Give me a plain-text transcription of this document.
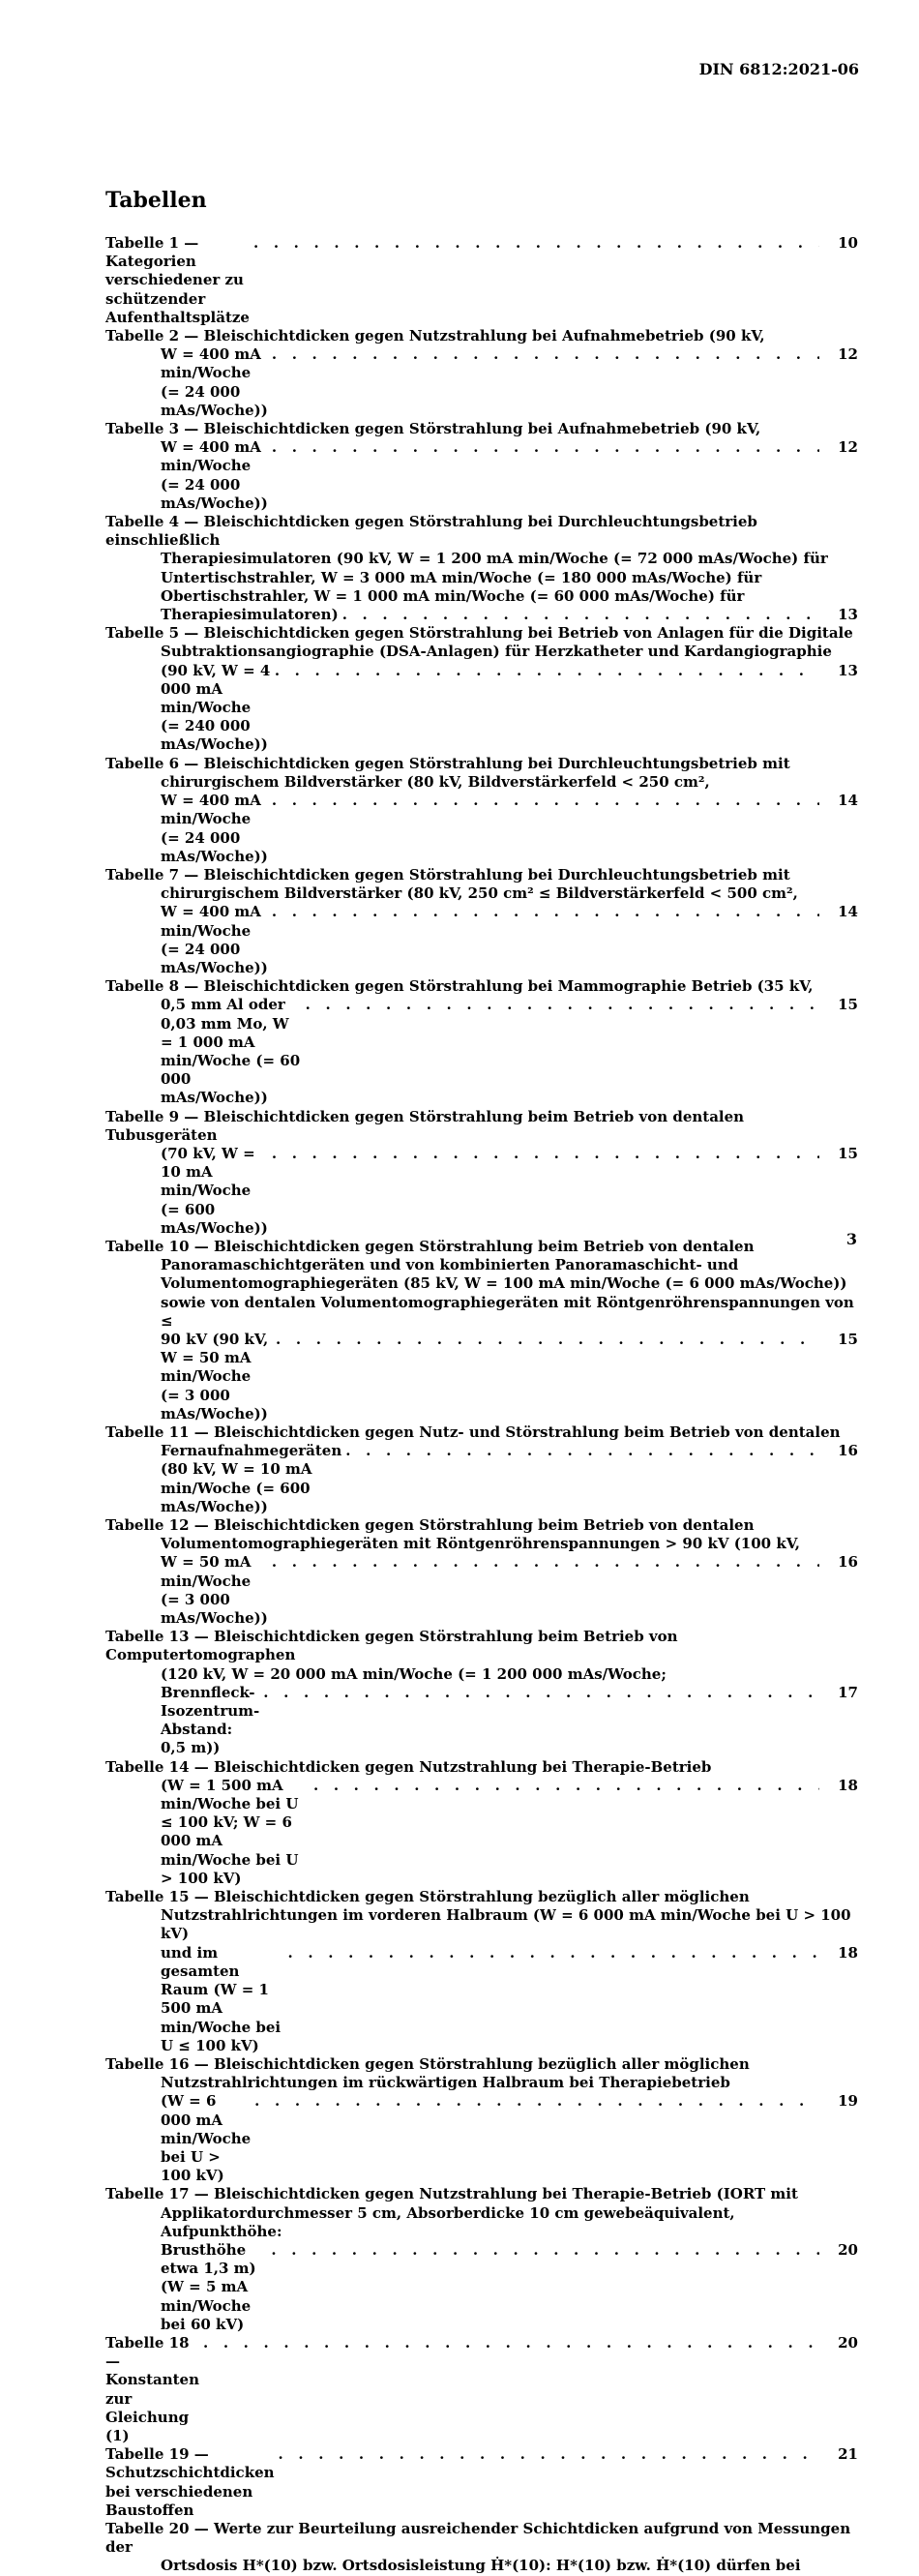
DIN 6812:2021-06
Tabellen
Tabelle 1 — Kategorien verschiedener zu schützender Aufenthaltsplätze
. . .
10
Tabelle 2 — Bleischichtdicken gegen Nutzstrahlung bei Aufnahmebetrieb (90 kV,
W = 400 mA min/Woche (= 24 000 mAs/Woche))
. . .
12
Tabelle 3 — Bleischichtdicken gegen Störstrahlung bei Aufnahmebetrieb (90 kV,
W = 400 mA min/Woche (= 24 000 mAs/Woche))
. . .
12
Tabelle 4 — Bleischichtdicken gegen Störstrahlung bei Durchleuchtungsbetrieb einschließlich
Therapiesimulatoren (90 kV, W = 1 200 mA min/Woche (= 72 000 mAs/Woche) für
Untertischstrahler, W = 3 000 mA min/Woche (= 180 000 mAs/Woche) für
Obertischstrahler, W = 1 000 mA min/Woche (= 60 000 mAs/Woche) für
Therapiesimulatoren)
. . .	13
Tabelle 5 — Bleischichtdicken gegen Störstrahlung bei Betrieb von Anlagen für die Digitale
Subtraktionsangiographie (DSA-Anlagen) für Herzkatheter und Kardangiographie
(90 kV, W = 4 000 mA min/Woche (= 240 000 mAs/Woche))
. . .
13
Tabelle 6 — Bleischichtdicken gegen Störstrahlung bei Durchleuchtungsbetrieb mit
chirurgischem Bildverstärker (80 kV, Bildverstärkerfeld < 250 cm²,
W = 400 mA min/Woche (= 24 000 mAs/Woche))
. . .
14
Tabelle 7 — Bleischichtdicken gegen Störstrahlung bei Durchleuchtungsbetrieb mit
chirurgischem Bildverstärker (80 kV, 250 cm² ≤ Bildverstärkerfeld < 500 cm²,
W = 400 mA min/Woche (= 24 000 mAs/Woche))
. . .
14
Tabelle 8 — Bleischichtdicken gegen Störstrahlung bei Mammographie Betrieb (35 kV,
0,5 mm Al oder 0,03 mm Mo, W = 1 000 mA min/Woche (= 60 000 mAs/Woche))
. . .
15
Tabelle 9 — Bleischichtdicken gegen Störstrahlung beim Betrieb von dentalen Tubusgeräten
(70 kV, W = 10 mA min/Woche (= 600 mAs/Woche))
. . .
15
Tabelle 10 — Bleischichtdicken gegen Störstrahlung beim Betrieb von dentalen
Panoramaschichtgeräten und von kombinierten Panoramaschicht- und
Volumentomographiegeräten (85 kV, W = 100 mA min/Woche (= 6 000 mAs/Woche))
sowie von dentalen Volumentomographiegeräten mit Röntgenröhrenspannungen von ≤
90 kV (90 kV, W = 50 mA min/Woche (= 3 000 mAs/Woche))
. . .
15
Tabelle 11 — Bleischichtdicken gegen Nutz- und Störstrahlung beim Betrieb von dentalen
Fernaufnahmegeräten (80 kV, W = 10 mA min/Woche (= 600 mAs/Woche))
. . .
16
Tabelle 12 — Bleischichtdicken gegen Störstrahlung beim Betrieb von dentalen
Volumentomographiegeräten mit Röntgenröhrenspannungen > 90 kV (100 kV,
W = 50 mA min/Woche (= 3 000 mAs/Woche))
. . .
16
Tabelle 13 — Bleischichtdicken gegen Störstrahlung beim Betrieb von Computertomographen
(120 kV, W = 20 000 mA min/Woche (= 1 200 000 mAs/Woche;
Brennfleck-Isozentrum-Abstand: 0,5 m))
. . .
17
Tabelle 14 — Bleischichtdicken gegen Nutzstrahlung bei Therapie-Betrieb
(W = 1 500 mA min/Woche bei U ≤ 100 kV; W = 6 000 mA min/Woche bei U > 100 kV)
. . .
18
Tabelle 15 — Bleischichtdicken gegen Störstrahlung bezüglich aller möglichen
Nutzstrahlrichtungen im vorderen Halbraum (W = 6 000 mA min/Woche bei U > 100 kV)
und im gesamten Raum (W = 1 500 mA min/Woche bei U ≤ 100 kV)
. . .
18
Tabelle 16 — Bleischichtdicken gegen Störstrahlung bezüglich aller möglichen
Nutzstrahlrichtungen im rückwärtigen Halbraum bei Therapiebetrieb
(W = 6 000 mA min/Woche bei U > 100 kV)
. . .
19
Tabelle 17 — Bleischichtdicken gegen Nutzstrahlung bei Therapie-Betrieb (IORT mit
Applikatordurchmesser 5 cm, Absorberdicke 10 cm gewebeäquivalent, Aufpunkthöhe:
Brusthöhe etwa 1,3 m) (W = 5 mA min/Woche bei 60 kV)
. . .
20
Tabelle 18 — Konstanten zur Gleichung (1)
. . .
20
Tabelle 19 — Schutzschichtdicken bei verschiedenen Baustoffen
. . .
21
Tabelle 20 — Werte zur Beurteilung ausreichender Schichtdicken aufgrund von Messungen der
Ortsdosis H*(10) bzw. Ortsdosisleistung Ḣ*(10): H*(10) bzw. Ḣ*(10) dürfen bei
3
